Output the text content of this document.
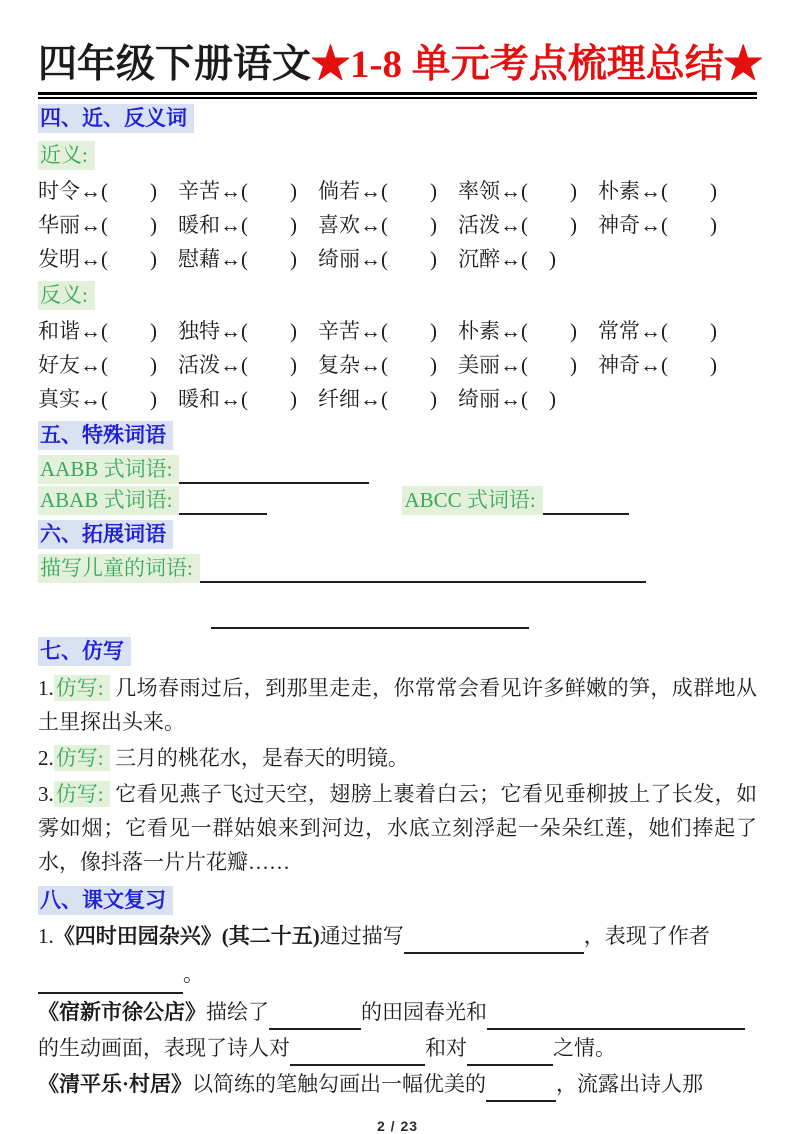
四年级下册语文★1-8 单元考点梳理总结★
四、近、反义词
近义:
时令↔(　　) 辛苦↔(　　) 倘若↔(　　) 率领↔(　　) 朴素↔(　　)
华丽↔(　　) 暖和↔(　　) 喜欢↔(　　) 活泼↔(　　) 神奇↔(　　)
发明↔(　　) 慰藉↔(　　) 绮丽↔(　　) 沉醉↔(　)
反义:
和谐↔(　　) 独特↔(　　) 辛苦↔(　　) 朴素↔(　　) 常常↔(　　)
好友↔(　　) 活泼↔(　　) 复杂↔(　　) 美丽↔(　　) 神奇↔(　　)
真实↔(　　) 暖和↔(　　) 纤细↔(　　) 绮丽↔(　)
五、特殊词语
AABB 式词语:
ABAB 式词语:	ABCC 式词语:
六、拓展词语
描写儿童的词语:
七、仿写

1.仿写: 几场春雨过后，到那里走走，你常常会看见许多鲜嫩的笋，成群地从土里探出头来。

2.仿写: 三月的桃花水，是春天的明镜。

3.仿写: 它看见燕子飞过天空，翅膀上裹着白云；它看见垂柳披上了长发，如雾如烟；它看见一群姑娘来到河边，水底立刻浮起一朵朵红莲，她们捧起了水，像抖落一片片花瓣……

八、课文复习

1.《四时田园杂兴》(其二十五)通过描写	，表现了作者

。

《宿新市徐公店》描绘了	的田园春光和

的生动画面，表现了诗人对	和对	之情。

《清平乐·村居》以简练的笔触勾画出一幅优美的	，流露出诗人那

2 / 23
